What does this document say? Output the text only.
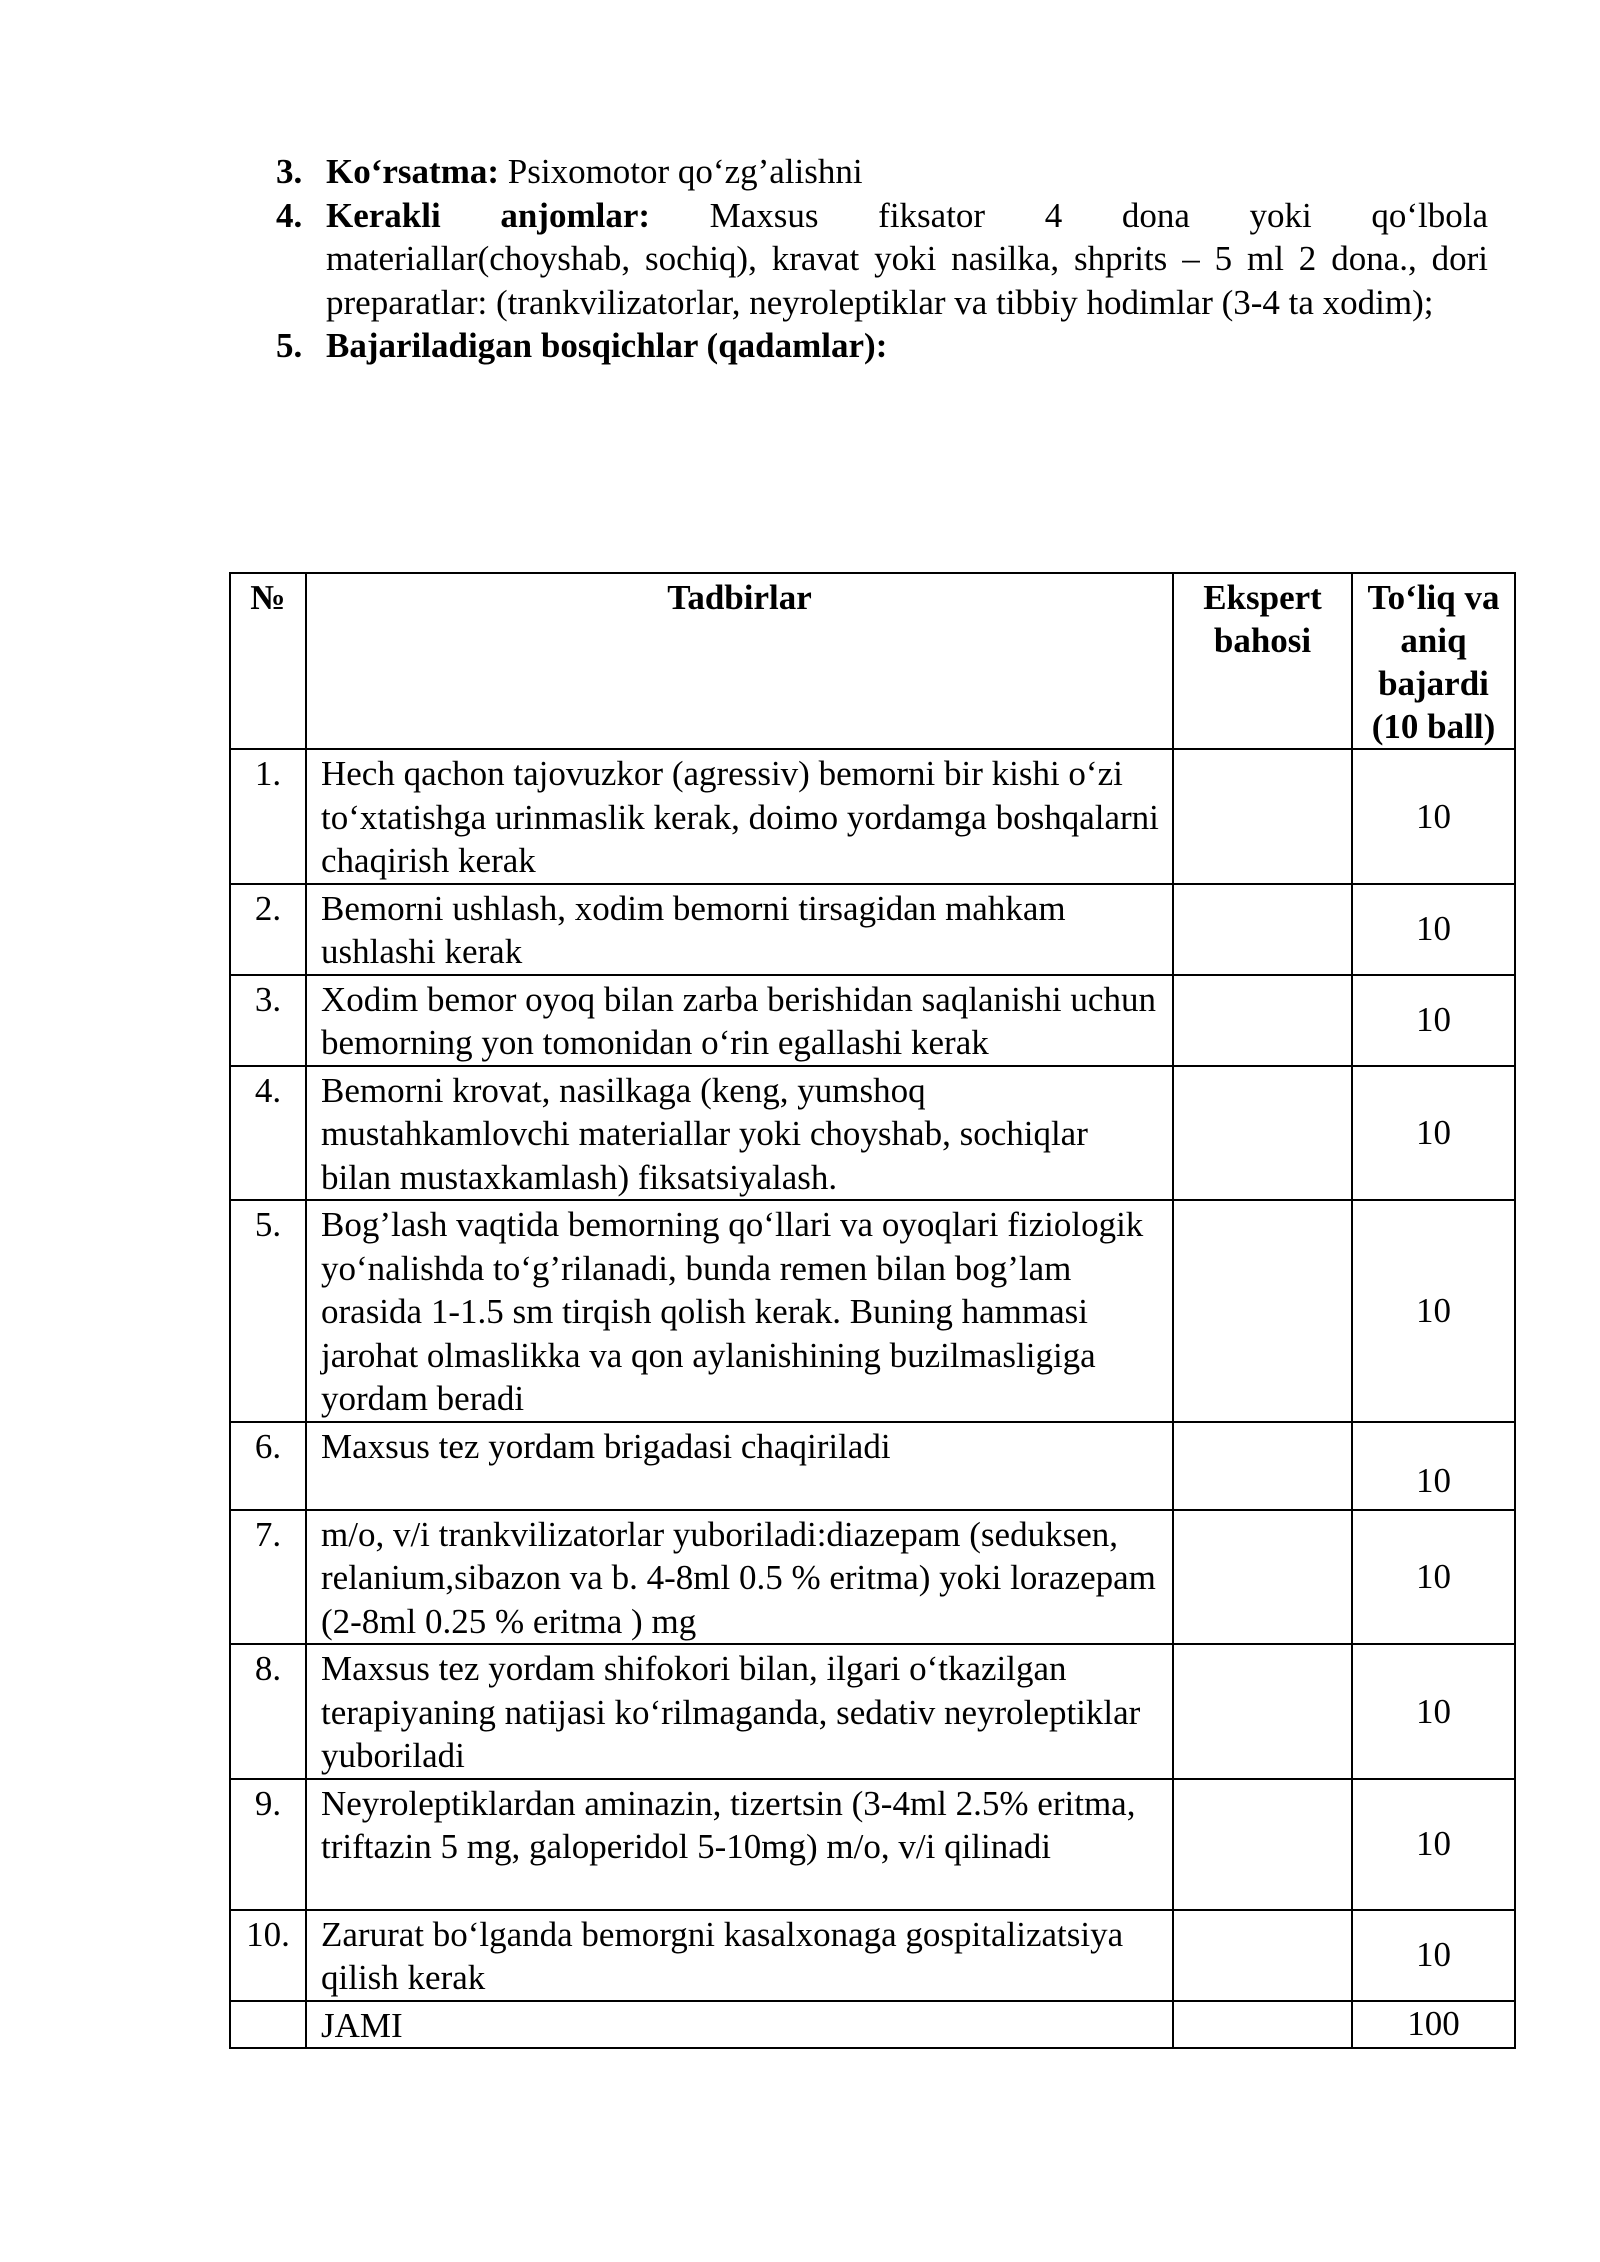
3. Ko‘rsatma: Psixomotor qo‘zg’alishni
4. Kerakli anjomlar: Maxsus fiksator 4 dona yoki qo‘lbola
materiallar(choyshab, sochiq), kravat yoki nasilka, shprits – 5 ml 2 dona., dori preparatlar: (trankvilizatorlar, neyroleptiklar va tibbiy hodimlar (3-4 ta xodim);
5. Bajariladigan bosqichlar (qadamlar):
№	Tadbirlar	Ekspert bahosi	To‘liq va aniq bajardi (10 ball)
1.	Hech qachon tajovuzkor (agressiv) bemorni bir kishi o‘zi to‘xtatishga urinmaslik kerak, doimo yordamga boshqalarni chaqirish kerak		10
2.	Bemorni ushlash, xodim bemorni tirsagidan mahkam ushlashi kerak		10
3.	Xodim bemor oyoq bilan zarba berishidan saqlanishi uchun bemorning yon tomonidan o‘rin egallashi kerak		10
4.	Bemorni krovat, nasilkaga (keng, yumshoq mustahkamlovchi materiallar yoki choyshab, sochiqlar bilan mustaxkamlash) fiksatsiyalash.		10
5.	Bog’lash vaqtida bemorning qo‘llari va oyoqlari fiziologik yo‘nalishda to‘g’rilanadi, bunda remen bilan bog’lam orasida 1-1.5 sm tirqish qolish kerak. Buning hammasi jarohat olmaslikka va qon aylanishining buzilmasligiga yordam beradi		10
6.	Maxsus tez yordam brigadasi chaqiriladi		10
7.	m/o, v/i trankvilizatorlar yuboriladi:diazepam (seduksen, relanium,sibazon va b. 4-8ml 0.5 % eritma) yoki lorazepam (2-8ml 0.25 % eritma ) mg		10
8.	Maxsus tez yordam shifokori bilan, ilgari o‘tkazilgan terapiyaning natijasi ko‘rilmaganda, sedativ neyroleptiklar yuboriladi		10
9.	Neyroleptiklardan aminazin, tizertsin (3-4ml 2.5% eritma, triftazin 5 mg, galoperidol 5-10mg) m/o, v/i qilinadi		10
10.	Zarurat bo‘lganda bemorgni kasalxonaga gospitalizatsiya qilish kerak		10
	JAMI		100
